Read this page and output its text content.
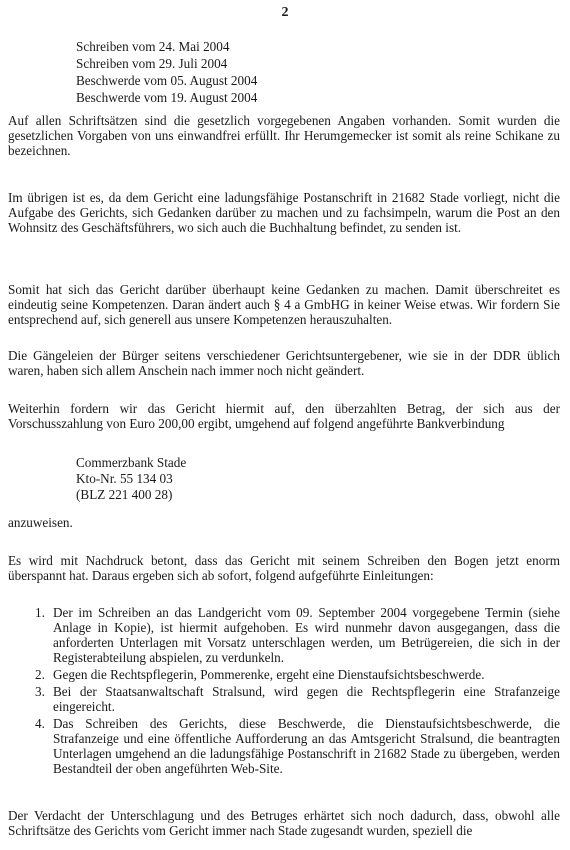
2
Schreiben vom 24. Mai 2004
Schreiben vom 29. Juli 2004
Beschwerde vom 05. August 2004
Beschwerde vom 19. August 2004

Auf allen Schriftsätzen sind die gesetzlich vorgegebenen Angaben vorhanden. Somit wurden die gesetzlichen Vorgaben von uns einwandfrei erfüllt. Ihr Herumgemecker ist somit als reine Schikane zu bezeichnen.

Im übrigen ist es, da dem Gericht eine ladungsfähige Postanschrift in 21682 Stade vorliegt, nicht die Aufgabe des Gerichts, sich Gedanken darüber zu machen und zu fachsimpeln, warum die Post an den Wohnsitz des Geschäftsführers, wo sich auch die Buchhaltung befindet, zu senden ist.

Somit hat sich das Gericht darüber überhaupt keine Gedanken zu machen. Damit überschreitet es eindeutig seine Kompetenzen. Daran ändert auch § 4 a GmbHG in keiner Weise etwas. Wir fordern Sie entsprechend auf, sich generell aus unsere Kompetenzen herauszuhalten.

Die Gängeleien der Bürger seitens verschiedener Gerichtsuntergebener, wie sie in der DDR üblich waren, haben sich allem Anschein nach immer noch nicht geändert.

Weiterhin fordern wir das Gericht hiermit auf, den überzahlten Betrag, der sich aus der Vorschusszahlung von Euro 200,00 ergibt, umgehend auf folgend angeführte Bankverbindung

Commerzbank Stade
Kto-Nr. 55 134 03
(BLZ 221 400 28)

anzuweisen.

Es wird mit Nachdruck betont, dass das Gericht mit seinem Schreiben den Bogen jetzt enorm überspannt hat. Daraus ergeben sich ab sofort, folgend aufgeführte Einleitungen:

1. Der im Schreiben an das Landgericht vom 09. September 2004 vorgegebene Termin (siehe Anlage in Kopie), ist hiermit aufgehoben. Es wird nunmehr davon ausgegangen, dass die anforderten Unterlagen mit Vorsatz unterschlagen werden, um Betrügereien, die sich in der Registerabteilung abspielen, zu verdunkeln.
2. Gegen die Rechtspflegerin, Pommerenke, ergeht eine Dienstaufsichtsbeschwerde.
3. Bei der Staatsanwaltschaft Stralsund, wird gegen die Rechtspflegerin eine Strafanzeige eingereicht.
4. Das Schreiben des Gerichts, diese Beschwerde, die Dienstaufsichtsbeschwerde, die Strafanzeige und eine öffentliche Aufforderung an das Amtsgericht Stralsund, die beantragten Unterlagen umgehend an die ladungsfähige Postanschrift in 21682 Stade zu übergeben, werden Bestandteil der oben angeführten Web-Site.

Der Verdacht der Unterschlagung und des Betruges erhärtet sich noch dadurch, dass, obwohl alle Schriftsätze des Gerichts vom Gericht immer nach Stade zugesandt wurden, speziell die
